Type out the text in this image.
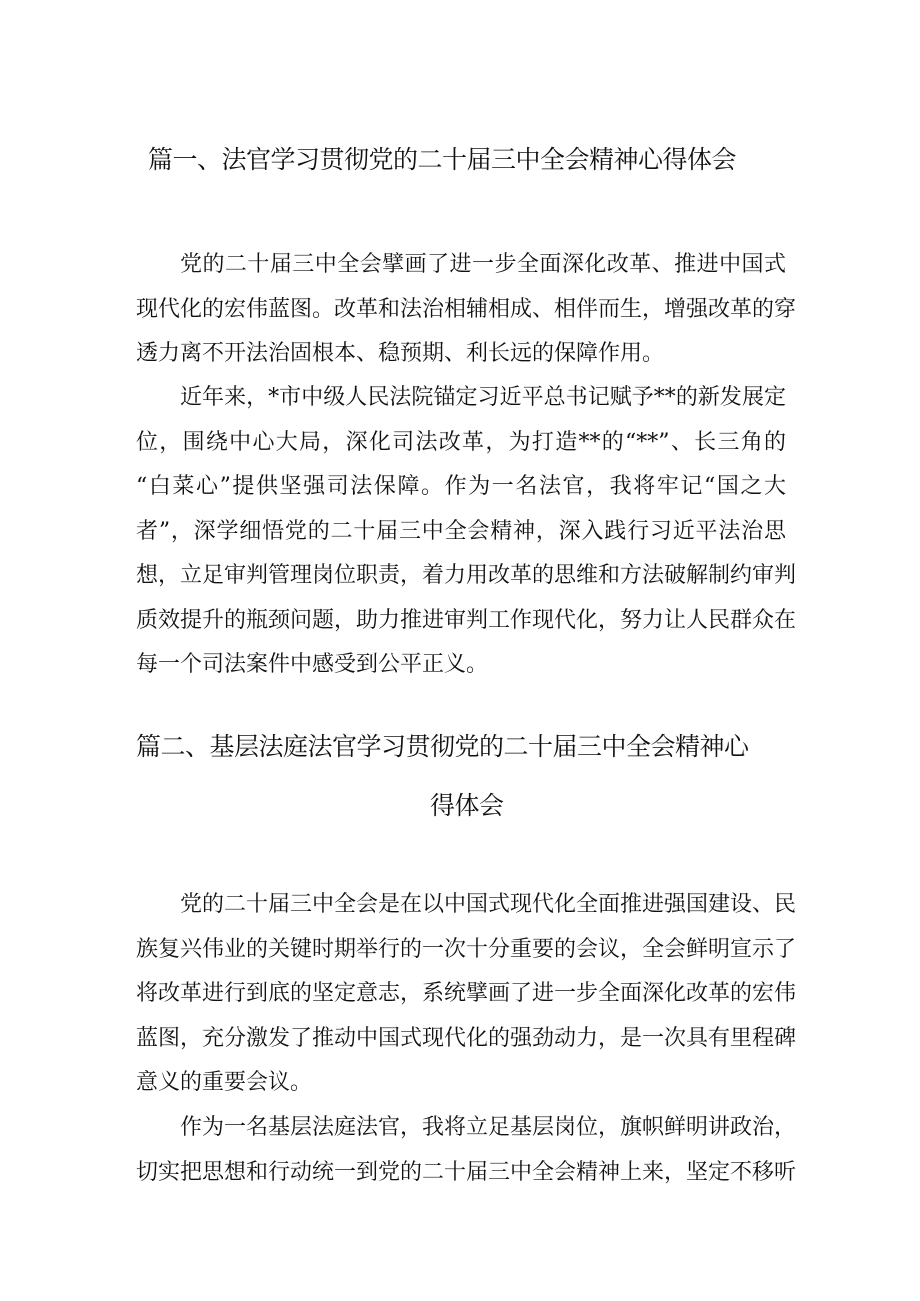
篇一、法官学习贯彻党的二十届三中全会精神心得体会

党的二十届三中全会擘画了进一步全面深化改革、推进中国式
现代化的宏伟蓝图。改革和法治相辅相成、相伴而生，增强改革的穿
透力离不开法治固根本、稳预期、利长远的保障作用。

近年来，*市中级人民法院锚定习近平总书记赋予**的新发展定
位，围绕中心大局，深化司法改革，为打造**的“**”、长三角的
“白菜心”提供坚强司法保障。作为一名法官，我将牢记“国之大
者”，深学细悟党的二十届三中全会精神，深入践行习近平法治思
想，立足审判管理岗位职责，着力用改革的思维和方法破解制约审判
质效提升的瓶颈问题，助力推进审判工作现代化，努力让人民群众在
每一个司法案件中感受到公平正义。

篇二、基层法庭法官学习贯彻党的二十届三中全会精神心
得体会

党的二十届三中全会是在以中国式现代化全面推进强国建设、民
族复兴伟业的关键时期举行的一次十分重要的会议，全会鲜明宣示了
将改革进行到底的坚定意志，系统擘画了进一步全面深化改革的宏伟
蓝图，充分激发了推动中国式现代化的强劲动力，是一次具有里程碑
意义的重要会议。

作为一名基层法庭法官，我将立足基层岗位，旗帜鲜明讲政治，
切实把思想和行动统一到党的二十届三中全会精神上来，坚定不移听
